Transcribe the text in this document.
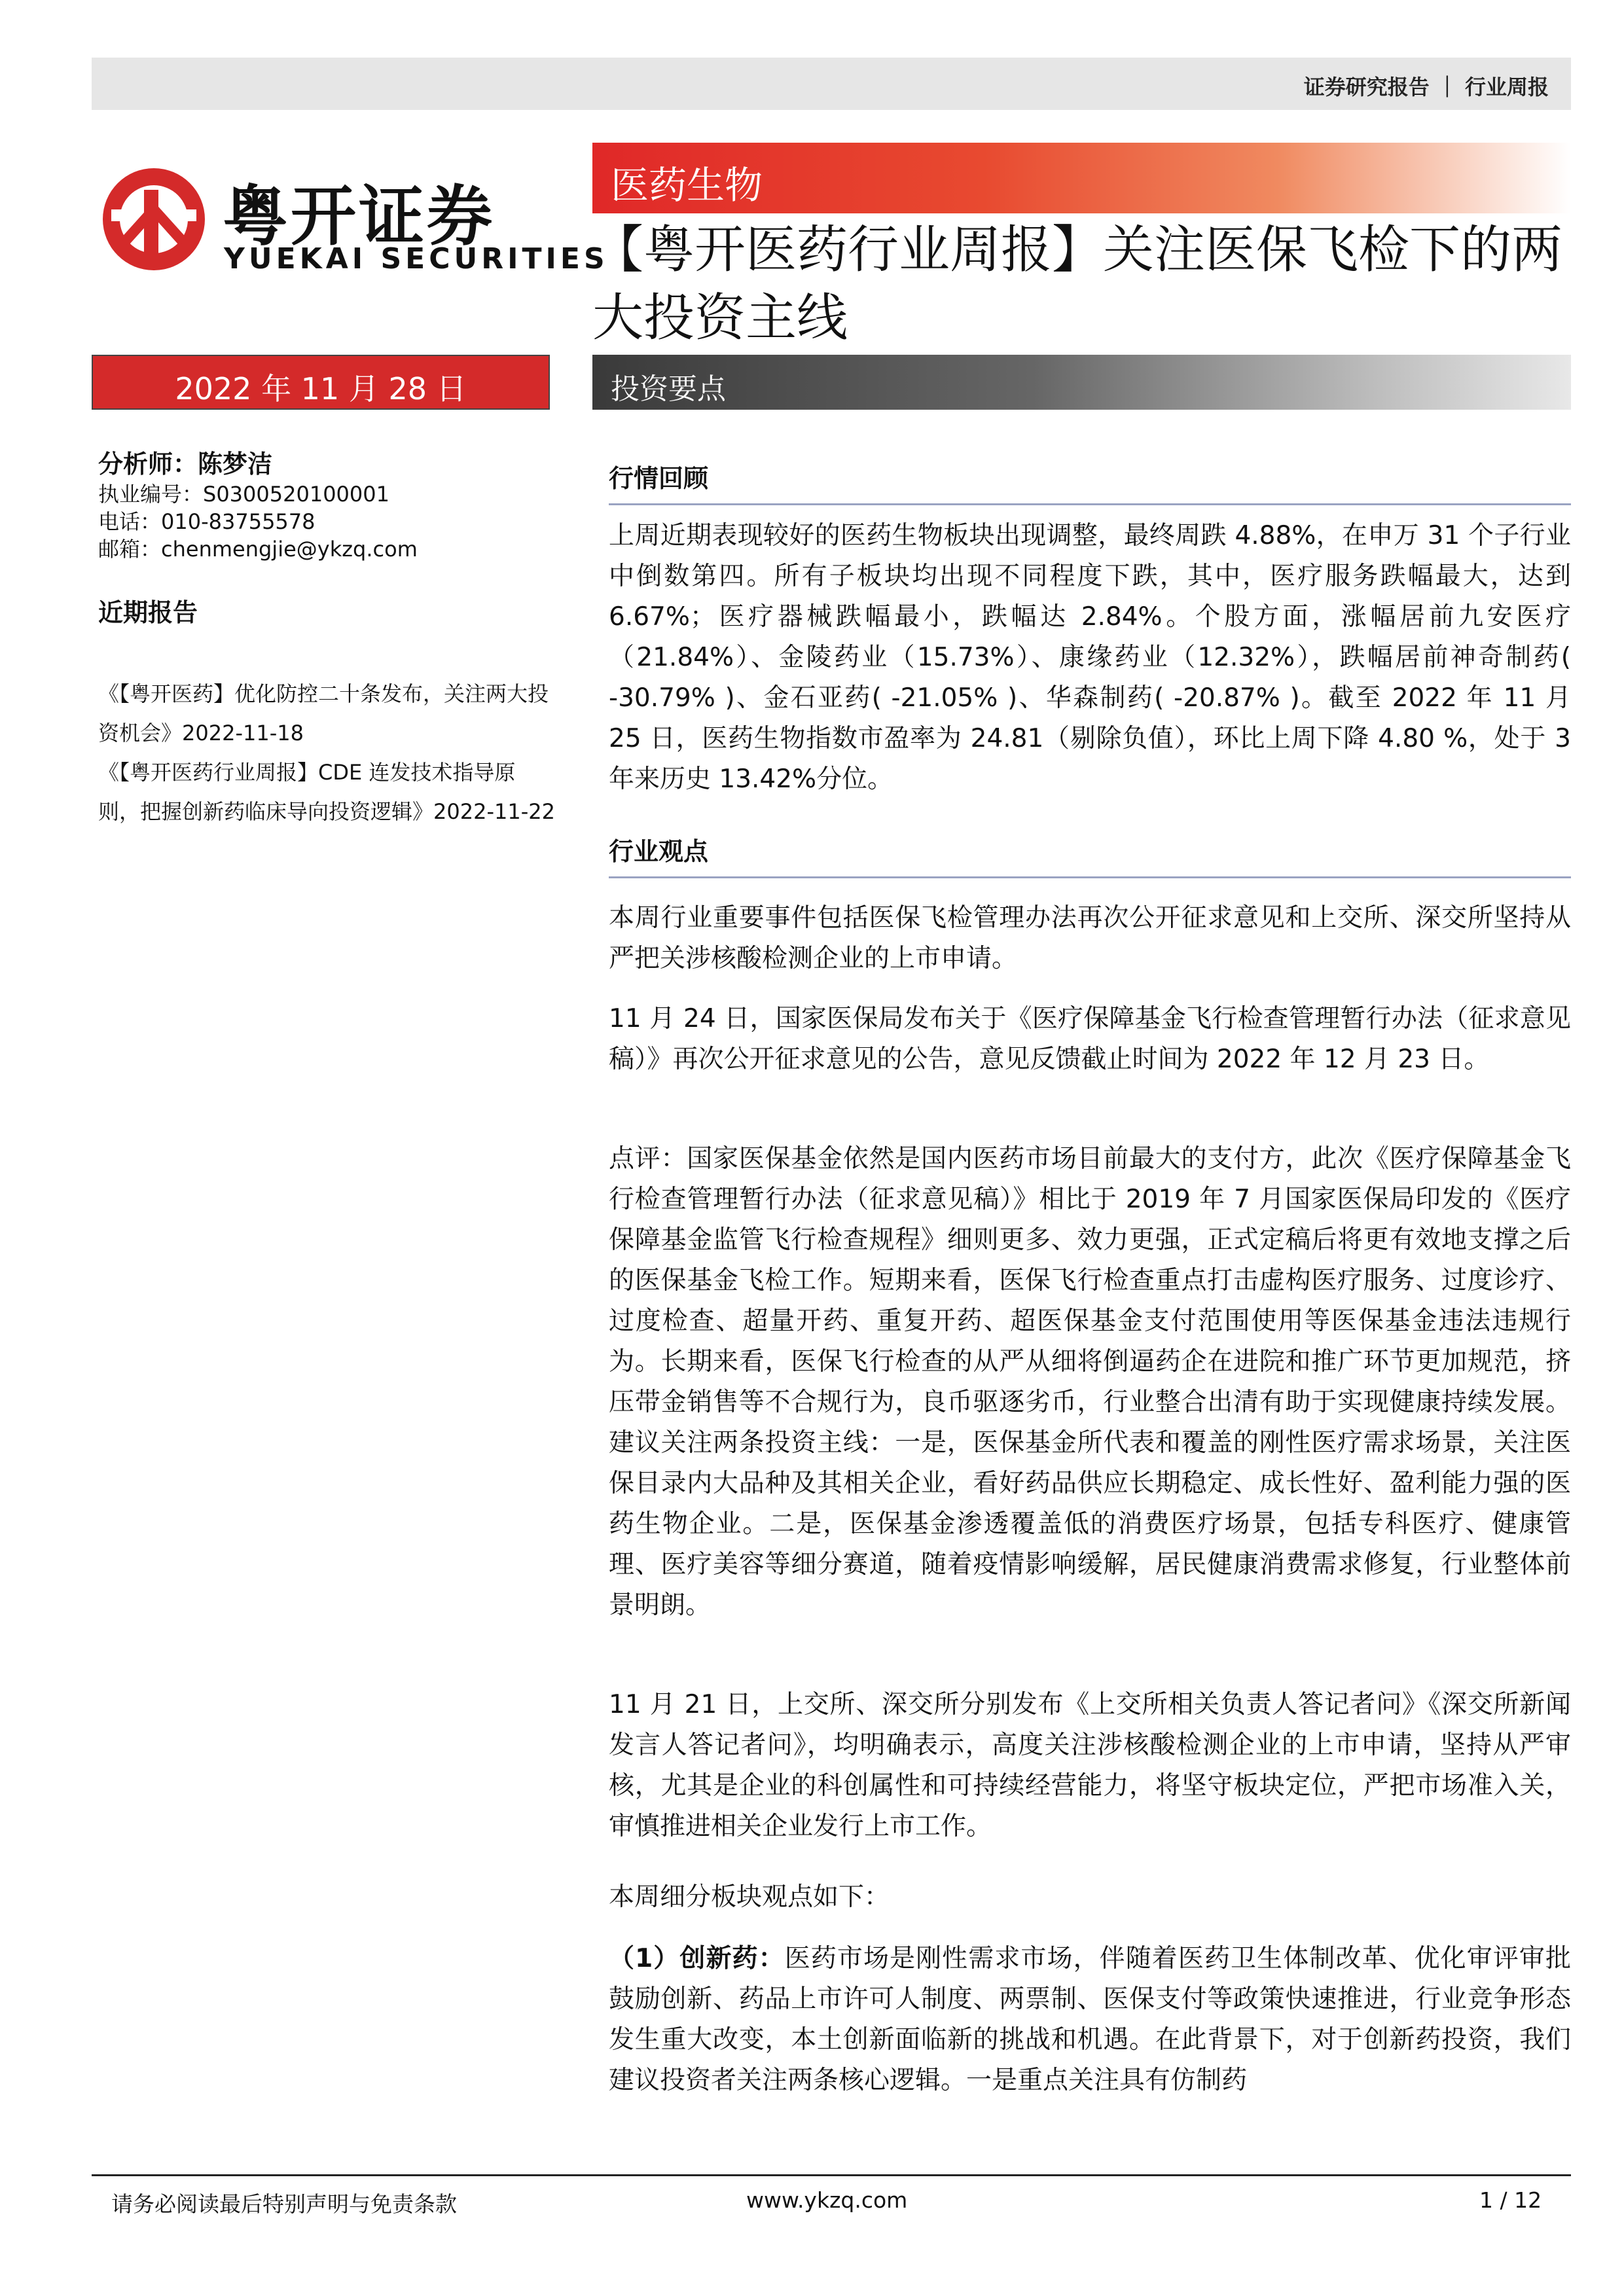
证券研究报告 ｜ 行业周报
粤开证券
YUEKAI SECURITIES
医药生物
【粤开医药行业周报】关注医保飞检下的两大投资主线
2022 年 11 月 28 日	投资要点
分析师：陈梦洁
执业编号：S0300520100001
电话：010-83755578
邮箱：chenmengjie@ykzq.com
近期报告
《【粤开医药】优化防控二十条发布，关注两大投资机会》2022-11-18
《【粤开医药行业周报】CDE 连发技术指导原则，把握创新药临床导向投资逻辑》2022-11-22
行情回顾
上周近期表现较好的医药生物板块出现调整，最终周跌 4.88%，在申万 31 个子行业中倒数第四。所有子板块均出现不同程度下跌，其中，医疗服务跌幅最大，达到 6.67%；医疗器械跌幅最小，跌幅达 2.84%。个股方面，涨幅居前九安医疗（21.84%）、金陵药业（15.73%）、康缘药业（12.32%），跌幅居前神奇制药( -30.79% )、金石亚药( -21.05% )、华森制药( -20.87% )。截至 2022 年 11 月 25 日，医药生物指数市盈率为 24.81（剔除负值），环比上周下降 4.80 %，处于 3 年来历史 13.42%分位。
行业观点
本周行业重要事件包括医保飞检管理办法再次公开征求意见和上交所、深交所坚持从严把关涉核酸检测企业的上市申请。
11 月 24 日，国家医保局发布关于《医疗保障基金飞行检查管理暂行办法（征求意见稿）》再次公开征求意见的公告，意见反馈截止时间为 2022 年 12 月 23 日。
点评：国家医保基金依然是国内医药市场目前最大的支付方，此次《医疗保障基金飞行检查管理暂行办法（征求意见稿）》相比于 2019 年 7 月国家医保局印发的《医疗保障基金监管飞行检查规程》细则更多、效力更强，正式定稿后将更有效地支撑之后的医保基金飞检工作。短期来看，医保飞行检查重点打击虚构医疗服务、过度诊疗、过度检查、超量开药、重复开药、超医保基金支付范围使用等医保基金违法违规行为。长期来看，医保飞行检查的从严从细将倒逼药企在进院和推广环节更加规范，挤压带金销售等不合规行为，良币驱逐劣币，行业整合出清有助于实现健康持续发展。建议关注两条投资主线：一是，医保基金所代表和覆盖的刚性医疗需求场景，关注医保目录内大品种及其相关企业，看好药品供应长期稳定、成长性好、盈利能力强的医药生物企业。二是，医保基金渗透覆盖低的消费医疗场景，包括专科医疗、健康管理、医疗美容等细分赛道，随着疫情影响缓解，居民健康消费需求修复，行业整体前景明朗。
11 月 21 日，上交所、深交所分别发布《上交所相关负责人答记者问》《深交所新闻发言人答记者问》，均明确表示，高度关注涉核酸检测企业的上市申请，坚持从严审核，尤其是企业的科创属性和可持续经营能力，将坚守板块定位，严把市场准入关，审慎推进相关企业发行上市工作。
本周细分板块观点如下：
（1）创新药：医药市场是刚性需求市场，伴随着医药卫生体制改革、优化审评审批鼓励创新、药品上市许可人制度、两票制、医保支付等政策快速推进，行业竞争形态发生重大改变，本土创新面临新的挑战和机遇。在此背景下，对于创新药投资，我们建议投资者关注两条核心逻辑。一是重点关注具有仿制药
请务必阅读最后特别声明与免责条款	www.ykzq.com	1 / 12
